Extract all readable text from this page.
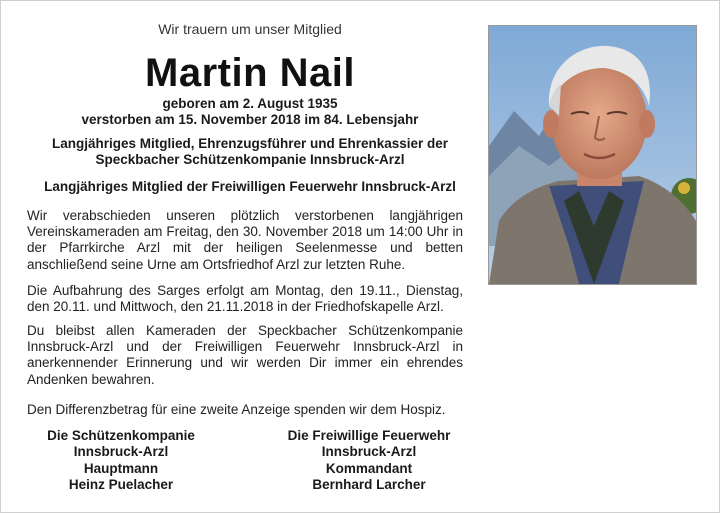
Wir trauern um unser Mitglied
Martin Nail
geboren am 2. August 1935
verstorben am 15. November 2018 im 84. Lebensjahr
Langjähriges Mitglied, Ehrenzugsführer und Ehrenkassier der
Speckbacher Schützenkompanie Innsbruck-Arzl
Langjähriges Mitglied der Freiwilligen Feuerwehr Innsbruck-Arzl
Wir verabschieden unseren plötzlich verstorbenen langjährigen Vereinskameraden am Freitag, den 30. November 2018 um 14:00 Uhr in der Pfarrkirche Arzl mit der heiligen Seelenmesse und betten anschließend seine Urne am Ortsfriedhof Arzl zur letzten Ruhe.
Die Aufbahrung des Sarges erfolgt am Montag, den 19.11., Dienstag, den 20.11. und Mittwoch, den 21.11.2018 in der Friedhofskapelle Arzl.
Du bleibst allen Kameraden der Speckbacher Schützenkompanie Innsbruck-Arzl und der Freiwilligen Feuerwehr Innsbruck-Arzl in anerkennender Erinnerung und wir werden Dir immer ein ehrendes Andenken bewahren.
Den Differenzbetrag für eine zweite Anzeige spenden wir dem Hospiz.
Die Schützenkompanie
Innsbruck-Arzl
Hauptmann
Heinz Puelacher
Die Freiwillige Feuerwehr
Innsbruck-Arzl
Kommandant
Bernhard Larcher
